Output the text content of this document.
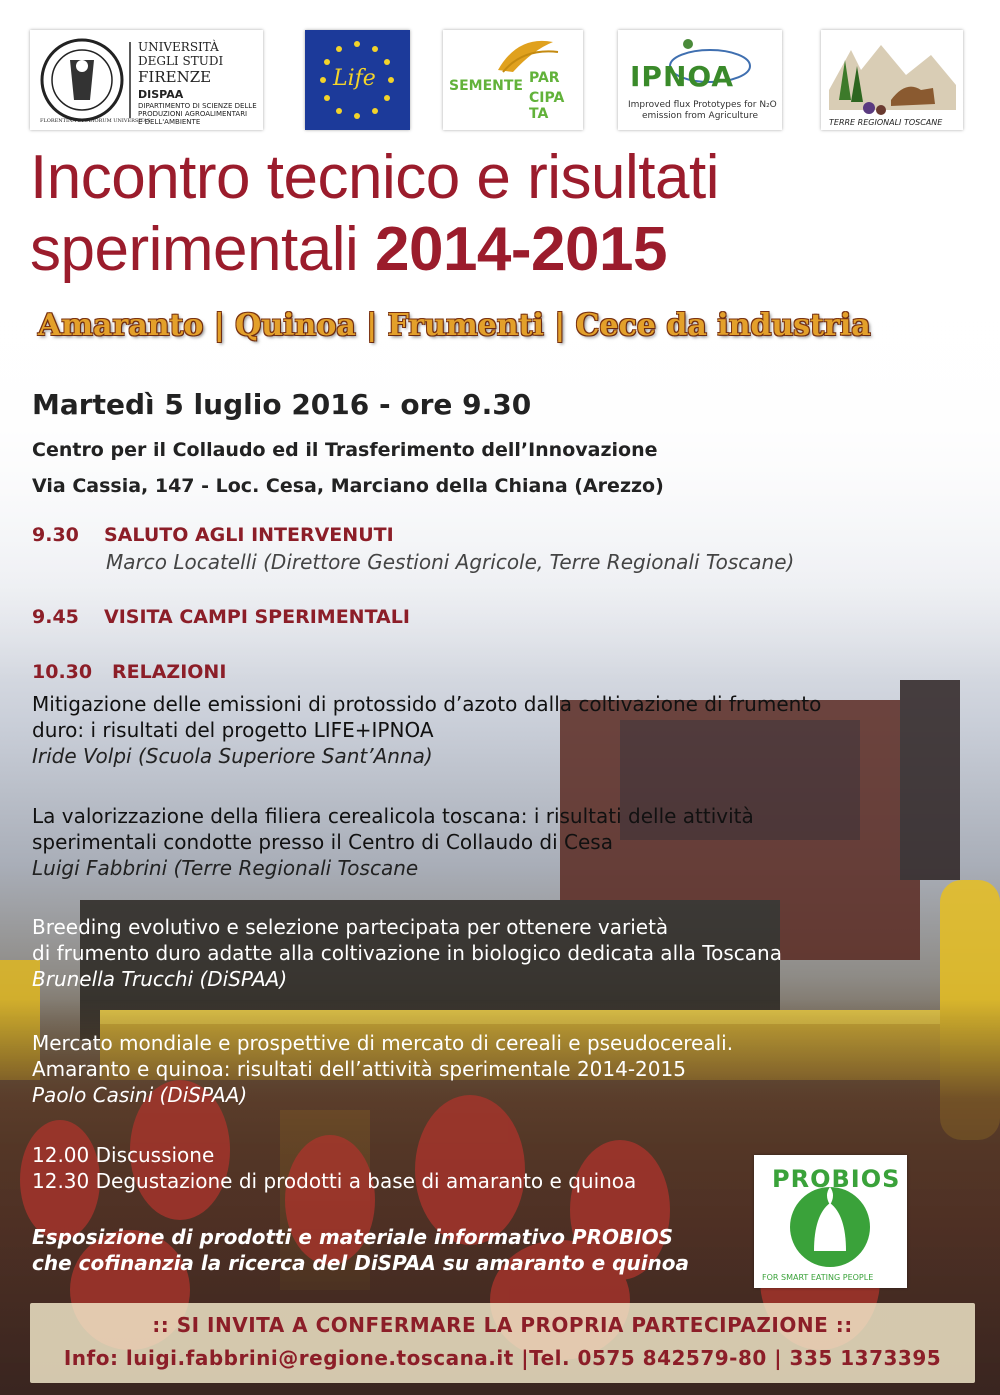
FLORENTINA STUDIORUM UNIVERSITAS
UNIVERSITÀ
DEGLI STUDI
FIRENZE
DISPAA
DIPARTIMENTO DI SCIENZE DELLE
PRODUZIONI AGROALIMENTARI
E DELL'AMBIENTE
Life	SEMENTE PAR
CIPA
TA
IPNOA
Improved flux Prototypes for N₂O
emission from Agriculture
TERRE REGIONALI TOSCANE
Incontro tecnico e risultati
sperimentali 2014-2015
Amaranto | Quinoa | Frumenti | Cece da industria
Martedì 5 luglio 2016 - ore 9.30
Centro per il Collaudo ed il Trasferimento dell’Innovazione
Via Cassia, 147 - Loc. Cesa, Marciano della Chiana (Arezzo)
9.30 SALUTO AGLI INTERVENUTI
Marco Locatelli (Direttore Gestioni Agricole, Terre Regionali Toscane)
9.45 VISITA CAMPI SPERIMENTALI
10.30 RELAZIONI
Mitigazione delle emissioni di protossido d’azoto dalla coltivazione di frumento
duro: i risultati del progetto LIFE+IPNOA
Iride Volpi (Scuola Superiore Sant’Anna)
La valorizzazione della filiera cerealicola toscana: i risultati delle attività
sperimentali condotte presso il Centro di Collaudo di Cesa
Luigi Fabbrini (Terre Regionali Toscane
Breeding evolutivo e selezione partecipata per ottenere varietà
di frumento duro adatte alla coltivazione in biologico dedicata alla Toscana
Brunella Trucchi (DiSPAA)
Mercato mondiale e prospettive di mercato di cereali e pseudocereali.
Amaranto e quinoa: risultati dell’attività sperimentale 2014-2015
Paolo Casini (DiSPAA)
12.00 Discussione
12.30 Degustazione di prodotti a base di amaranto e quinoa
Esposizione di prodotti e materiale informativo PROBIOS
che cofinanzia la ricerca del DiSPAA su amaranto e quinoa
PROBIOS
FOR SMART EATING PEOPLE
:: SI INVITA A CONFERMARE LA PROPRIA PARTECIPAZIONE ::
Info: luigi.fabbrini@regione.toscana.it |Tel. 0575 842579-80 | 335 1373395
